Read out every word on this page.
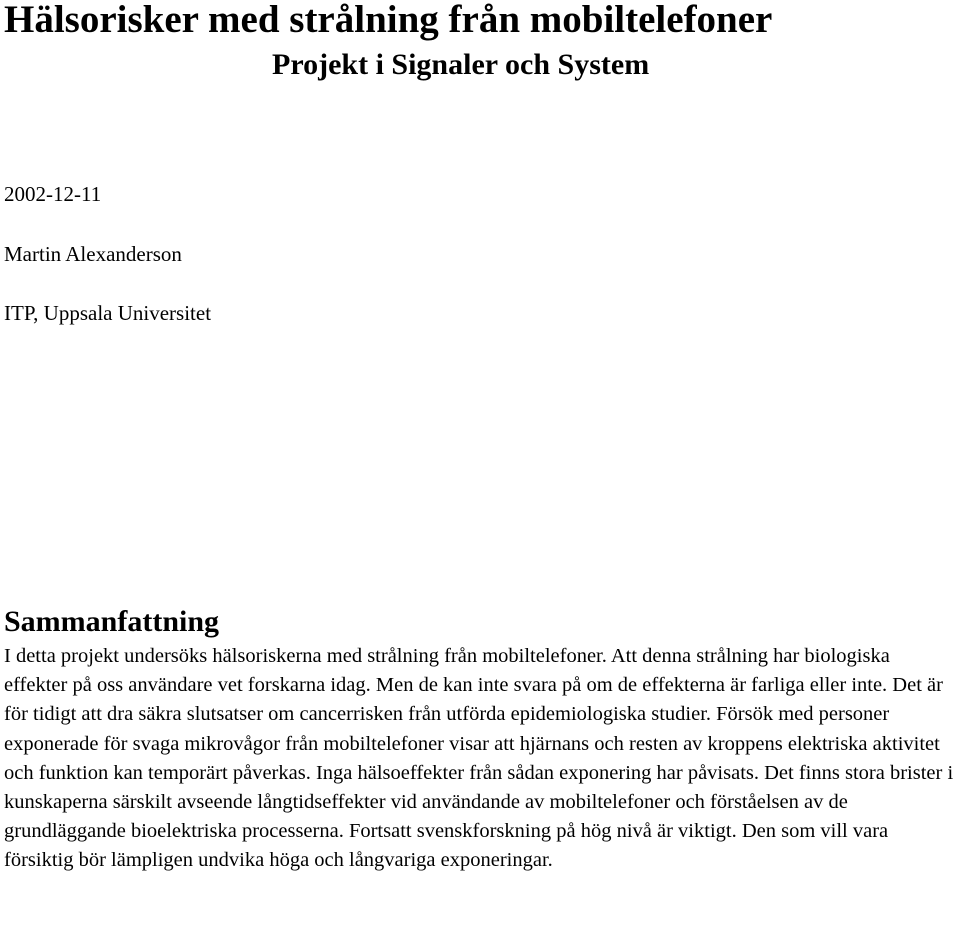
Hälsorisker med strålning från mobiltelefoner
Projekt i Signaler och System

2002-12-11

Martin Alexanderson

ITP, Uppsala Universitet

Sammanfattning

I detta projekt undersöks hälsoriskerna med strålning från mobiltelefoner. Att denna strålning har biologiska effekter på oss användare vet forskarna idag. Men de kan inte svara på om de effekterna är farliga eller inte. Det är för tidigt att dra säkra slutsatser om cancerrisken från utförda epidemiologiska studier. Försök med personer exponerade för svaga mikrovågor från mobiltelefoner visar att hjärnans och resten av kroppens elektriska aktivitet och funktion kan temporärt påverkas. Inga hälsoeffekter från sådan exponering har påvisats. Det finns stora brister i kunskaperna särskilt avseende långtidseffekter vid användande av mobiltelefoner och förståelsen av de grundläggande bioelektriska processerna. Fortsatt svenskforskning på hög nivå är viktigt. Den som vill vara försiktig bör lämpligen undvika höga och långvariga exponeringar.
